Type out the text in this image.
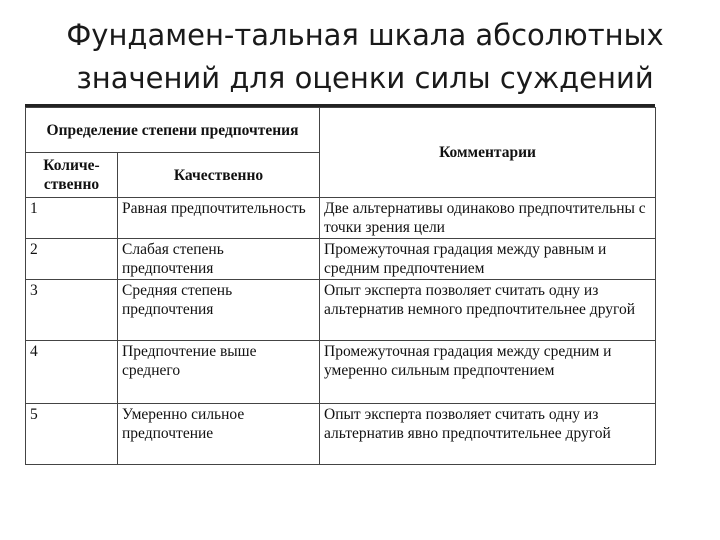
Фундамен-тальная шкала абсолютных значений для оценки силы суждений
Определение степени предпочтения		Комментарии
Количе-ственно	Качественно	
1	Равная предпочтительность	Две альтернативы одинаково предпочтительны с точки зрения цели
2	Слабая степень предпочтения	Промежуточная градация между равным и средним предпочтением
3	Средняя степень предпочтения	Опыт эксперта позволяет считать одну из альтернатив немного предпочтительнее другой
4	Предпочтение выше среднего	Промежуточная градация между средним и умеренно сильным предпочтением
5	Умеренно сильное предпочтение	Опыт эксперта позволяет считать одну из альтернатив явно предпочтительнее другой
